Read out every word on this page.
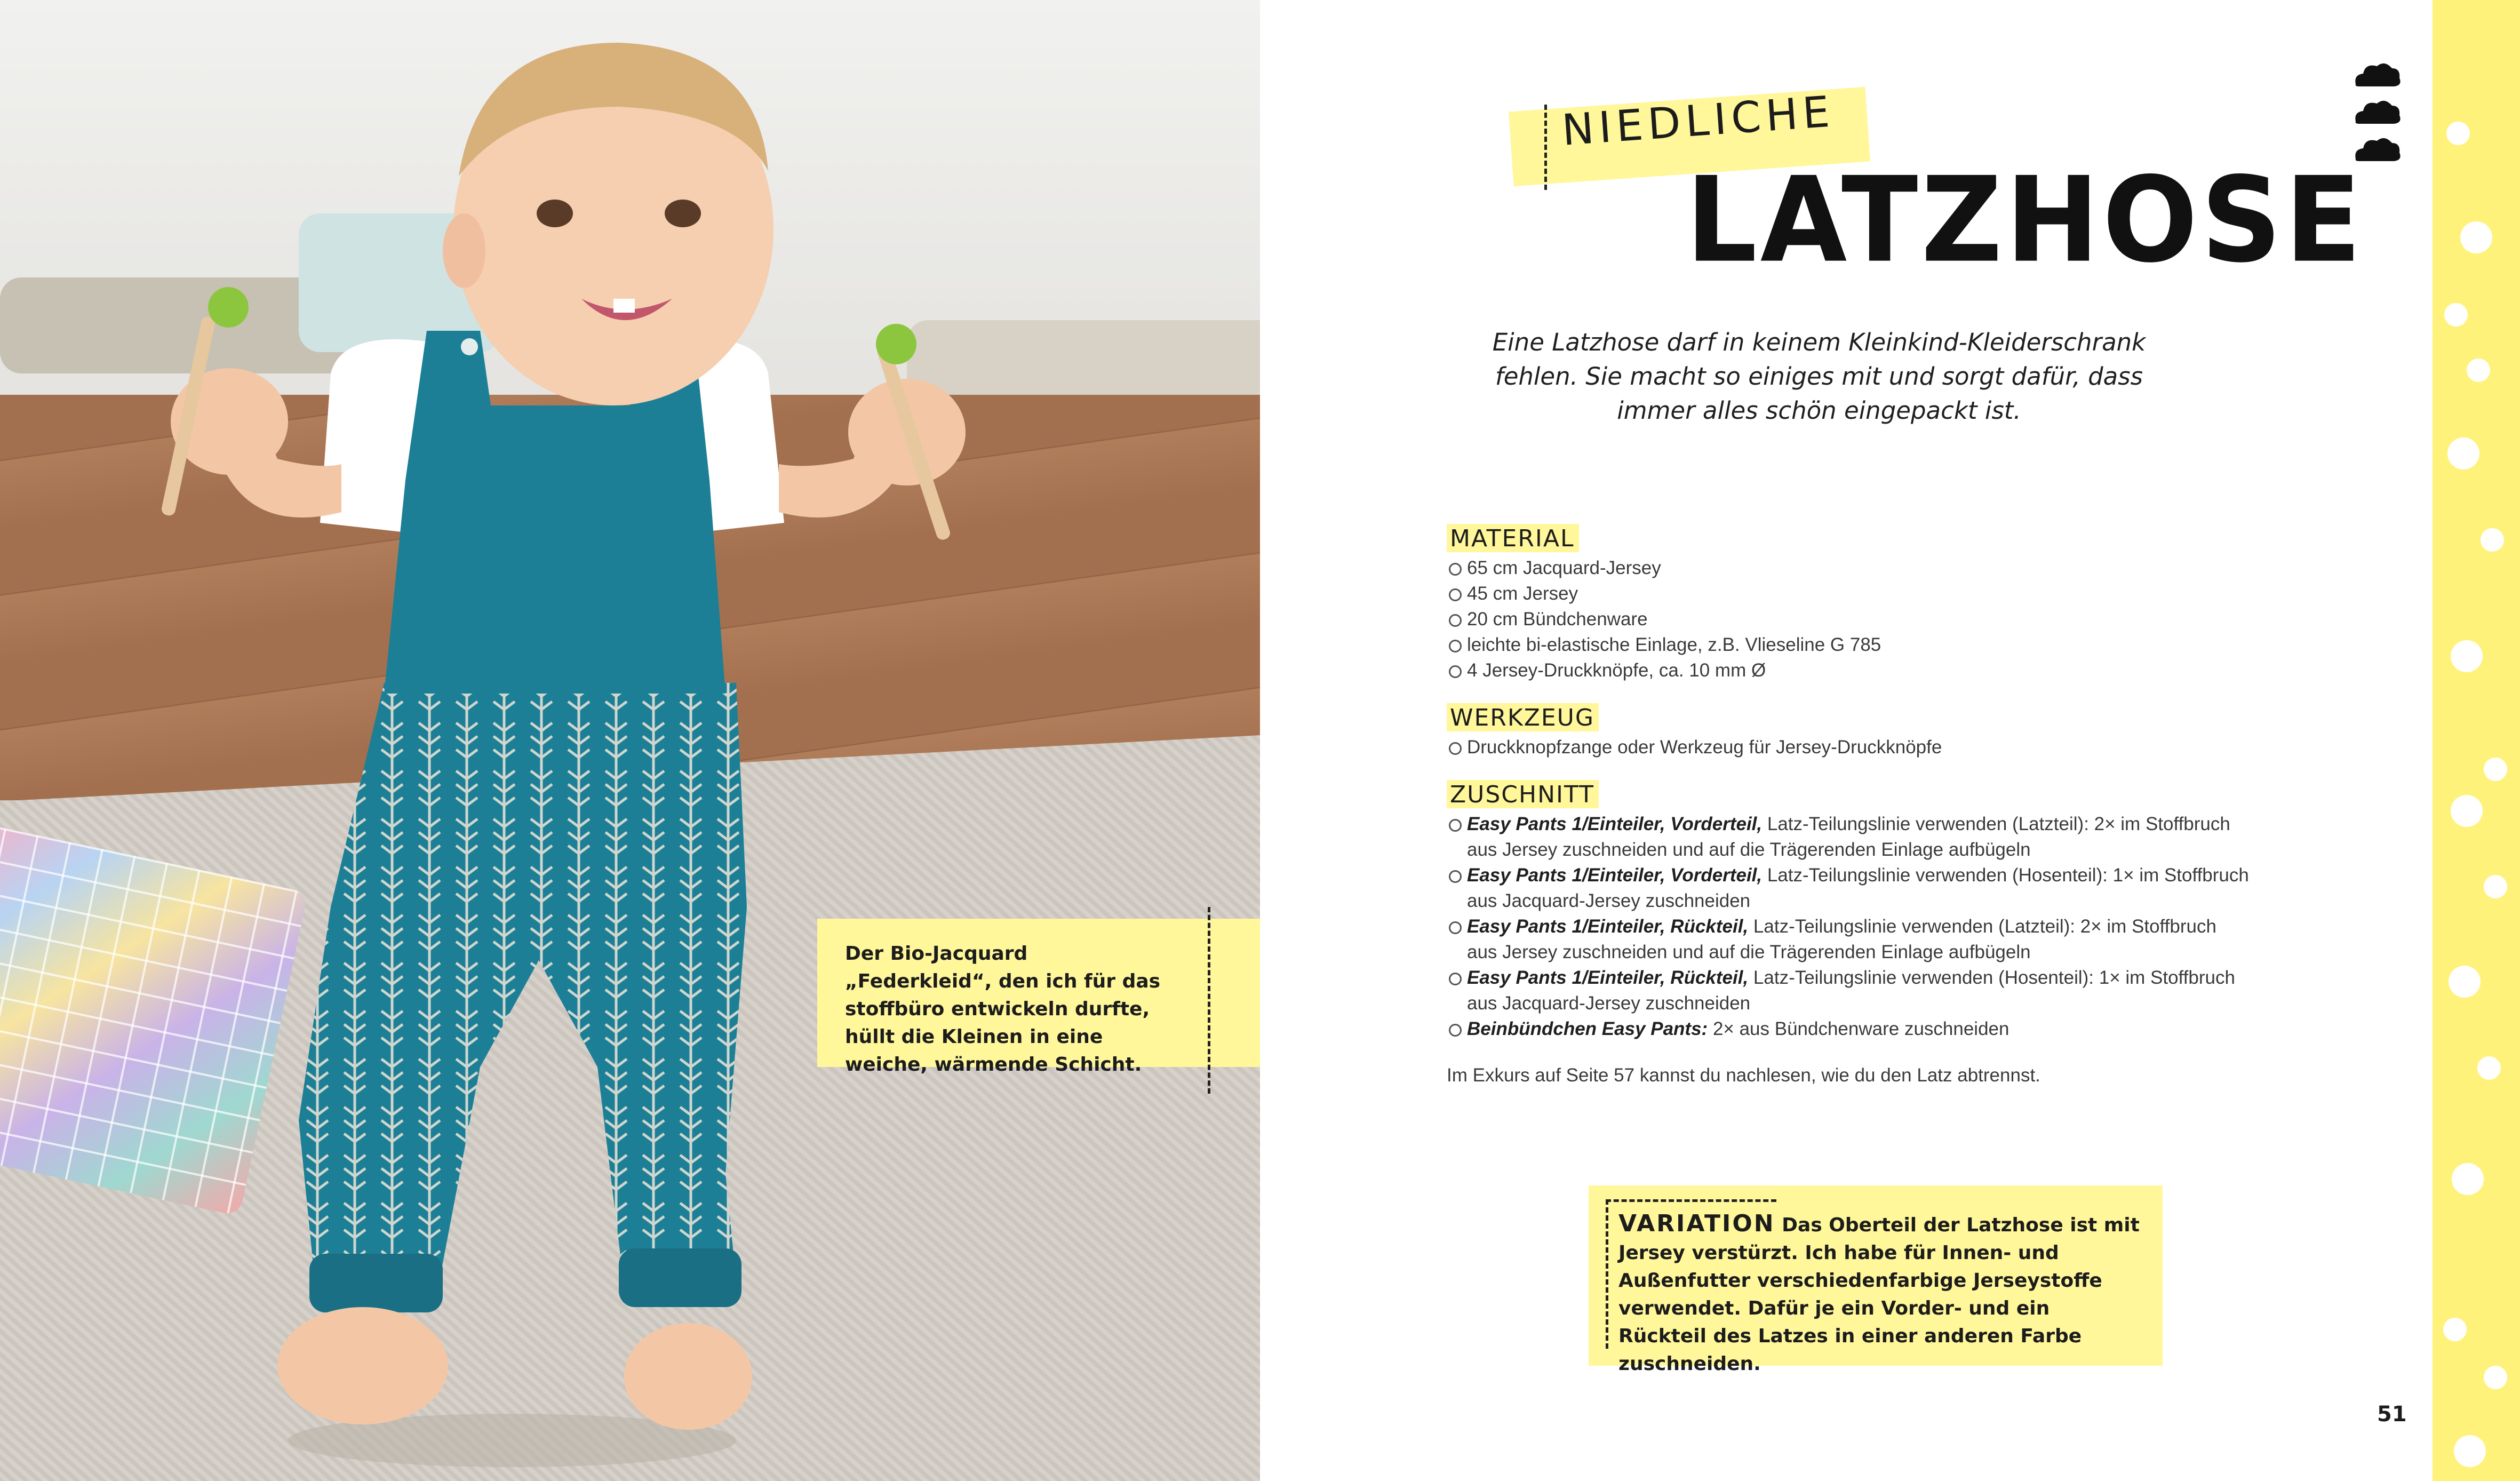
Der Bio-Jacquard „Federkleid“, den ich für das stoffbüro entwickeln durfte, hüllt die Kleinen in eine weiche, wärmende Schicht.

NIEDLICHE
LATZHOSE
Eine Latzhose darf in keinem Kleinkind-Kleiderschrank fehlen. Sie macht so einiges mit und sorgt dafür, dass immer alles schön eingepackt ist.
MATERIAL
65 cm Jacquard-Jersey
45 cm Jersey
20 cm Bündchenware
leichte bi-elastische Einlage, z.B. Vlieseline G 785
4 Jersey-Druckknöpfe, ca. 10 mm Ø
WERKZEUG
Druckknopfzange oder Werkzeug für Jersey-Druckknöpfe
ZUSCHNITT
Easy Pants 1/Einteiler, Vorderteil, Latz-Teilungslinie verwenden (Latzteil): 2× im Stoffbruch
aus Jersey zuschneiden und auf die Trägerenden Einlage aufbügeln
Easy Pants 1/Einteiler, Vorderteil, Latz-Teilungslinie verwenden (Hosenteil): 1× im Stoffbruch
aus Jacquard-Jersey zuschneiden
Easy Pants 1/Einteiler, Rückteil, Latz-Teilungslinie verwenden (Latzteil): 2× im Stoffbruch
aus Jersey zuschneiden und auf die Trägerenden Einlage aufbügeln
Easy Pants 1/Einteiler, Rückteil, Latz-Teilungslinie verwenden (Hosenteil): 1× im Stoffbruch
aus Jacquard-Jersey zuschneiden
Beinbündchen Easy Pants: 2× aus Bündchenware zuschneiden
Im Exkurs auf Seite 57 kannst du nachlesen, wie du den Latz abtrennst.

VARIATION Das Oberteil der Latzhose ist mit Jersey verstürzt. Ich habe für Innen- und Außenfutter verschiedenfarbige Jerseystoffe verwendet. Dafür je ein Vorder- und ein Rückteil des Latzes in einer anderen Farbe zuschneiden.

51
